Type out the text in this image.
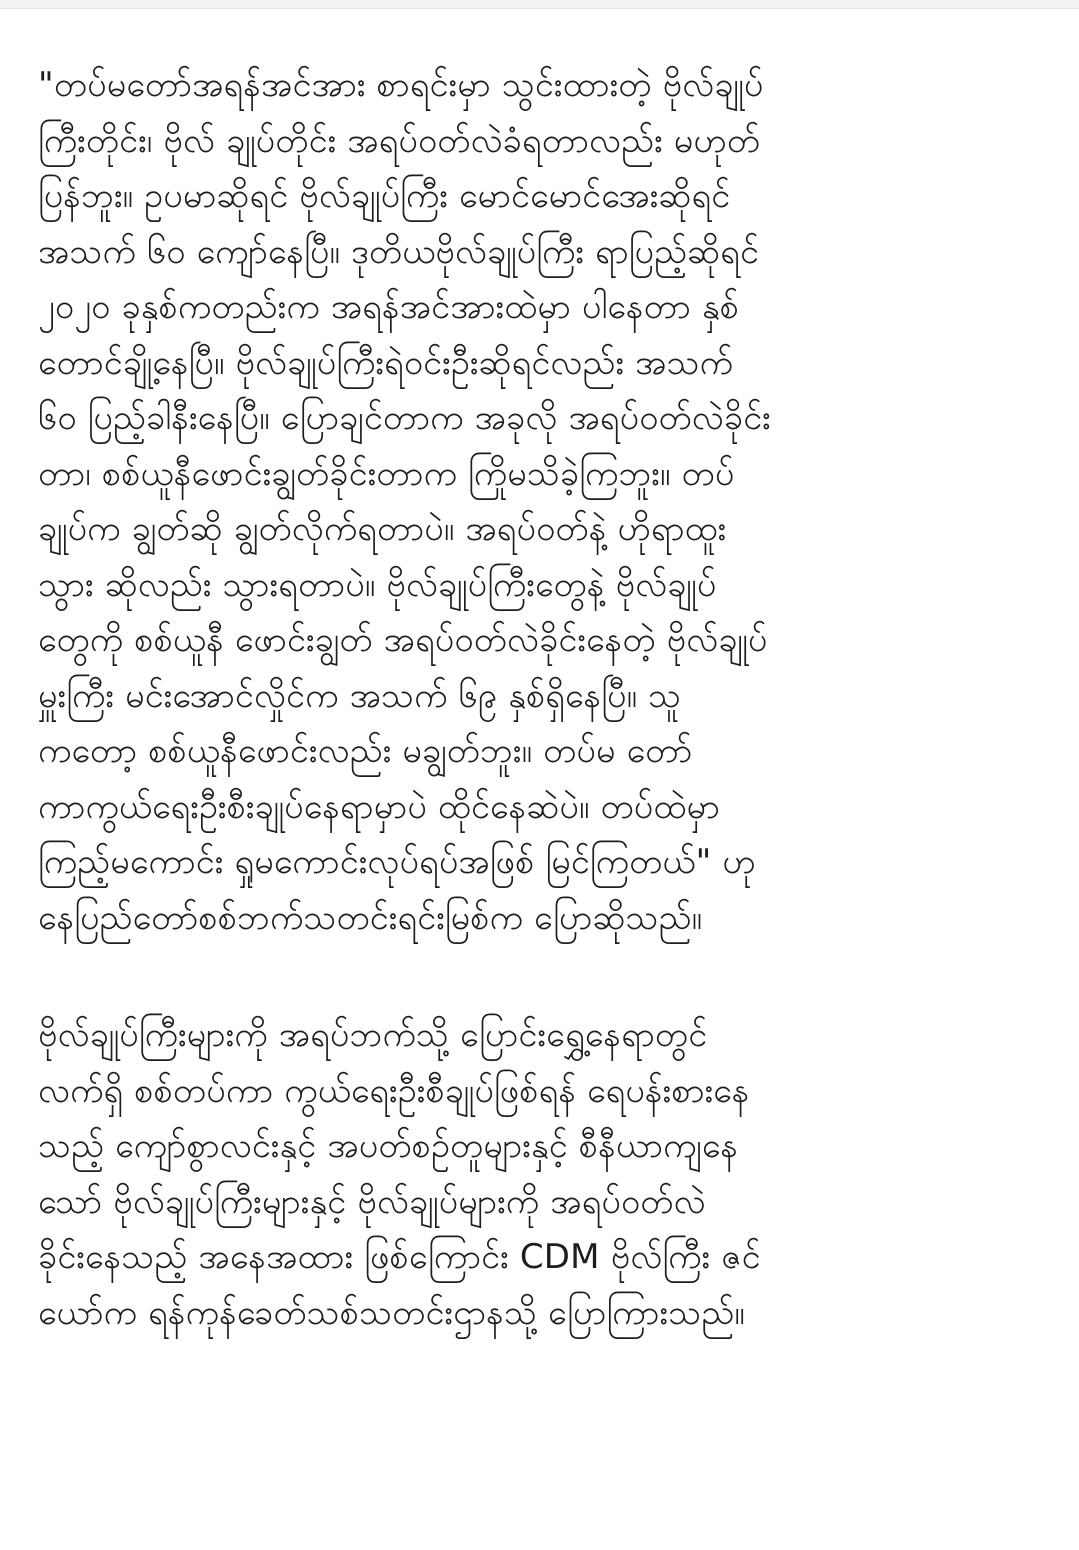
"တပ်မတော်အရန်အင်အား စာရင်းမှာ သွင်းထားတဲ့ ဗိုလ်ချုပ်
ကြီးတိုင်း၊ ဗိုလ် ချုပ်တိုင်း အရပ်ဝတ်လဲခံရတာလည်း မဟုတ်
ပြန်ဘူး။ ဥပမာဆိုရင် ဗိုလ်ချုပ်ကြီး မောင်မောင်အေးဆိုရင်
အသက် ၆၀ ကျော်နေပြီ။ ဒုတိယဗိုလ်ချုပ်ကြီး ရာပြည့်ဆိုရင်
၂၀၂၀ ခုနှစ်ကတည်းက အရန်အင်အားထဲမှာ ပါနေတာ နှစ်
တောင်ချို့နေပြီ။ ဗိုလ်ချုပ်ကြီးရဲဝင်းဦးဆိုရင်လည်း အသက်
၆၀ ပြည့်ခါနီးနေပြီ။ ပြောချင်တာက အခုလို အရပ်ဝတ်လဲခိုင်း
တာ၊ စစ်ယူနီဖောင်းချွတ်ခိုင်းတာက ကြိုမသိခဲ့ကြဘူး။ တပ်
ချုပ်က ချွတ်ဆို ချွတ်လိုက်ရတာပဲ။ အရပ်ဝတ်နဲ့ ဟိုရာထူး
သွား ဆိုလည်း သွားရတာပဲ။ ဗိုလ်ချုပ်ကြီးတွေနဲ့ ဗိုလ်ချုပ်
တွေကို စစ်ယူနီ ဖောင်းချွတ် အရပ်ဝတ်လဲခိုင်းနေတဲ့ ဗိုလ်ချုပ်
မှူးကြီး မင်းအောင်လှိုင်က အသက် ၆၉ နှစ်ရှိနေပြီ။ သူ
ကတော့ စစ်ယူနီဖောင်းလည်း မချွတ်ဘူး။ တပ်မ တော်
ကာကွယ်ရေးဦးစီးချုပ်နေရာမှာပဲ ထိုင်နေဆဲပဲ။ တပ်ထဲမှာ
ကြည့်မကောင်း ရှုမကောင်းလုပ်ရပ်အဖြစ် မြင်ကြတယ်" ဟု
နေပြည်တော်စစ်ဘက်သတင်းရင်းမြစ်က ပြောဆိုသည်။
ဗိုလ်ချုပ်ကြီးများကို အရပ်ဘက်သို့ ပြောင်းရွှေ့နေရာတွင်
လက်ရှိ စစ်တပ်ကာ ကွယ်ရေးဦးစီချုပ်ဖြစ်ရန် ရေပန်းစားနေ
သည့် ကျော်စွာလင်းနှင့် အပတ်စဉ်တူများနှင့် စီနီယာကျနေ
သော် ဗိုလ်ချုပ်ကြီးများနှင့် ဗိုလ်ချုပ်များကို အရပ်ဝတ်လဲ
ခိုင်းနေသည့် အနေအထား ဖြစ်ကြောင်း CDM ဗိုလ်ကြီး ဇင်
ယော်က ရန်ကုန်ခေတ်သစ်သတင်းဌာနသို့ ပြောကြားသည်။
